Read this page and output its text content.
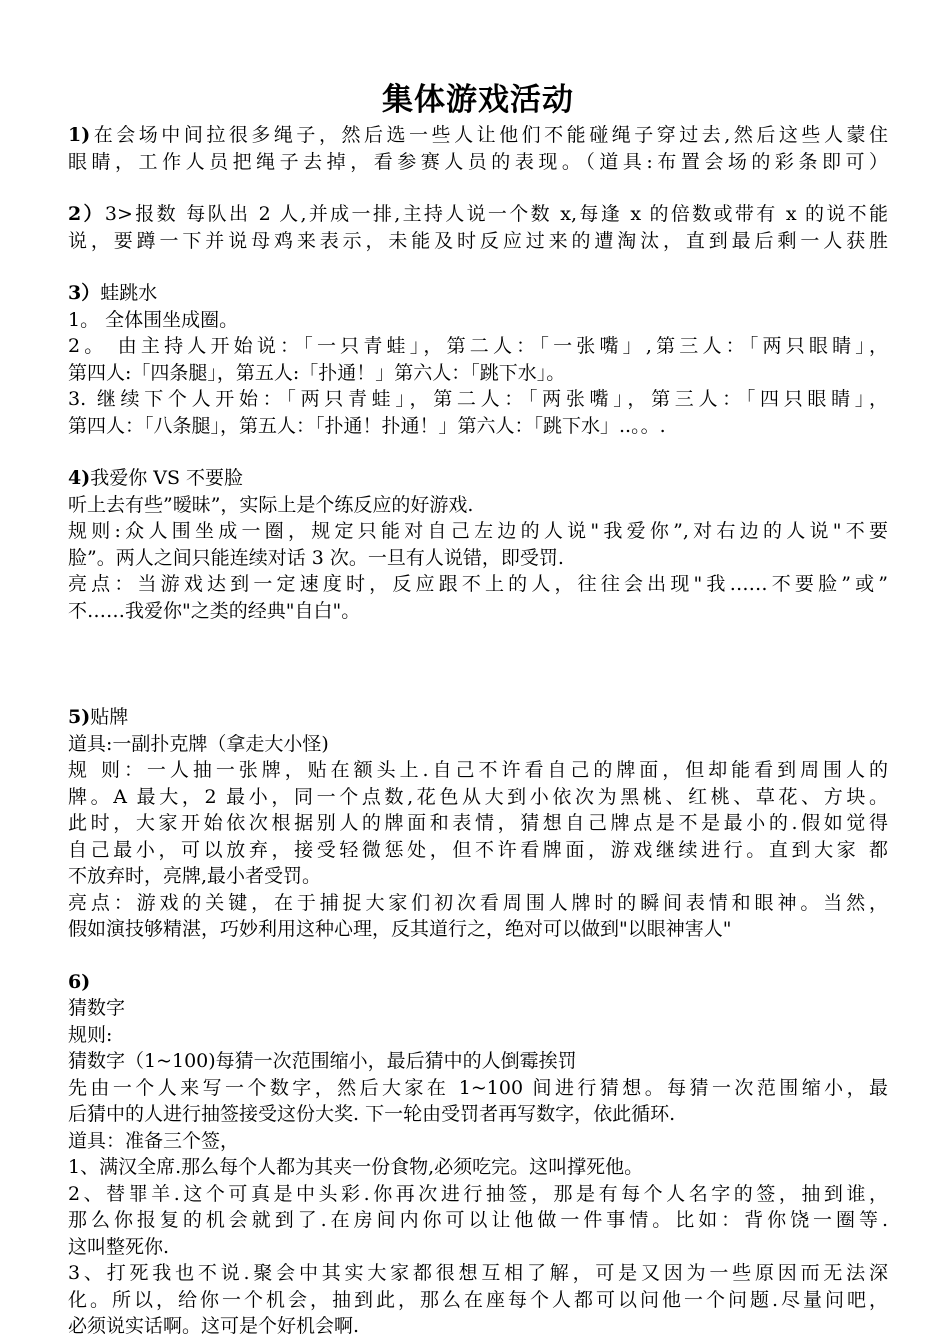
集体游戏活动

1)在会场中间拉很多绳子，然后选一些人让他们不能碰绳子穿过去,然后这些人蒙住

眼睛，工作人员把绳子去掉，看参赛人员的表现。（道具:布置会场的彩条即可）

2）3>报数 每队出 2 人,并成一排,主持人说一个数 x,每逢 x 的倍数或带有 x 的说不能

说，要蹲一下并说母鸡来表示，未能及时反应过来的遭淘汰，直到最后剩一人获胜

3）蛙跳水

1。 全体围坐成圈。

2。 由主持人开始说：「一只青蛙」，第二人：「一张嘴」,第三人：「两只眼睛」，

第四人:「四条腿」，第五人:「扑通！」第六人：「跳下水」。

3. 继续下个人开始：「两只青蛙」，第二人：「两张嘴」，第三人：「四只眼睛」，

第四人：「八条腿」，第五人：「扑通！扑通！」第六人：「跳下水」..。。.

4)我爱你 VS 不要脸

听上去有些”暧昧”，实际上是个练反应的好游戏.

规则:众人围坐成一圈，规定只能对自己左边的人说"我爱你”,对右边的人说"不要

脸”。两人之间只能连续对话 3 次。一旦有人说错，即受罚.

亮点：当游戏达到一定速度时，反应跟不上的人，往往会出现"我……不要脸”或”

不……我爱你"之类的经典"自白"。

5)贴牌

道具:一副扑克牌（拿走大小怪)

规 则：一人抽一张牌，贴在额头上.自己不许看自己的牌面，但却能看到周围人的

牌。A 最大，2 最小，同一个点数,花色从大到小依次为黑桃、红桃、草花、方块。

此时，大家开始依次根据别人的牌面和表情，猜想自己牌点是不是最小的.假如觉得

自己最小，可以放弃，接受轻微惩处，但不许看牌面，游戏继续进行。直到大家 都

不放弃时，亮牌,最小者受罚。

亮点：游戏的关键，在于捕捉大家们初次看周围人牌时的瞬间表情和眼神。当然，

假如演技够精湛，巧妙利用这种心理，反其道行之，绝对可以做到"以眼神害人"

6)

猜数字

规则:

猜数字（1~100)每猜一次范围缩小，最后猜中的人倒霉挨罚

先由一个人来写一个数字，然后大家在 1~100 间进行猜想。每猜一次范围缩小，最

后猜中的人进行抽签接受这份大奖. 下一轮由受罚者再写数字，依此循环.

道具：准备三个签，

1、满汉全席.那么每个人都为其夹一份食物,必须吃完。这叫撑死他。

2、替罪羊.这个可真是中头彩.你再次进行抽签，那是有每个人名字的签，抽到谁，

那么你报复的机会就到了.在房间内你可以让他做一件事情。比如：背你饶一圈等.

这叫整死你.

3、打死我也不说.聚会中其实大家都很想互相了解，可是又因为一些原因而无法深

化。所以，给你一个机会，抽到此，那么在座每个人都可以问他一个问题.尽量问吧，

必须说实话啊。这可是个好机会啊.
